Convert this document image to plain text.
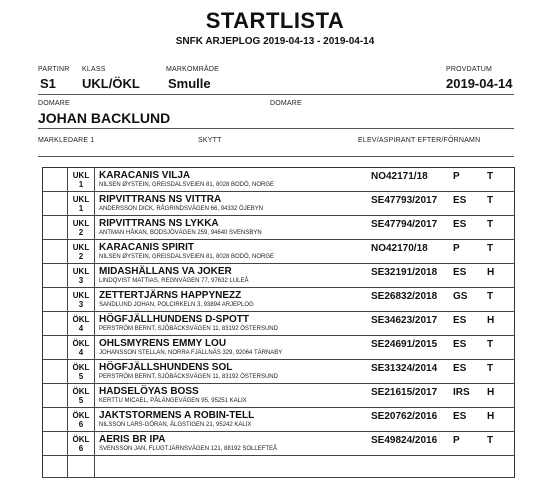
STARTLISTA
SNFK ARJEPLOG 2019-04-13 - 2019-04-14
PARTINR KLASS	MARKOMRÅDE	PROVDATUM
S1 UKL/ÖKL Smulle	2019-04-14
DOMARE	DOMARE
JOHAN BACKLUND
MARKLEDARE 1	SKYTT	ELEV/ASPIRANT EFTER/FÖRNAMN
UKL
1
KARACANIS VILJA
NILSEN ØYSTEIN, GREISDALSVEIEN 81, 8028 BODÖ, NORGE
NO42171/18	P	T
UKL
1
RIPVITTRANS NS VITTRA
ANDERSSON DICK, RÅGRINDSVÄGEN 66, 94332 ÖJEBYN
SE47793/2017 ES T
UKL
2
RIPVITTRANS NS LYKKA
ANTMAN HÅKAN, BODSJÖVÄGEN 259, 94640 SVENSBYN
SE47794/2017 ES T
UKL
2
KARACANIS SPIRIT
NILSEN ØYSTEIN, GREISDALSVEIEN 81, 8028 BODÖ, NORGE
NO42170/18	P	T
UKL
3
MIDASHÄLLANS VA JOKER
LINDQVIST MATTIAS, REGNVÄGEN 77, 97632 LULEÅ
SE32191/2018 ES H
UKL
3
ZETTERTJÄRNS HAPPYNEZZ
SANDLUND JOHAN, POLCIRKELN 3, 93894 ARJEPLOG
SE26832/2018 GS T
ÖKL
4
HÖGFJÄLLHUNDENS D-SPOTT
PERSTRÖM BERNT, SJÖBÄCKSVÄGEN 11, 83192 ÖSTERSUND
SE34623/2017 ES H
ÖKL
4
OHLSMYRENS EMMY LOU
JOHANSSON STELLAN, NORRA FJÄLLNÄS 329, 92064 TÄRNABY
SE24691/2015 ES T
ÖKL
5
HÖGFJÄLLSHUNDENS SOL
PERSTRÖM BERNT, SJÖBÄCKSVÄGEN 11, 83192 ÖSTERSUND
SE31324/2014 ES T
ÖKL
5
HADSELÖYAS BOSS
KERTTU MICAEL, PÅLÄNGEVÄGEN 95, 95251 KALIX
SE21615/2017 IRS H
ÖKL
6
JAKTSTORMENS A ROBIN-TELL
NILSSON LARS-GÖRAN, ÄLGSTIGEN 21, 95242 KALIX
SE20762/2016 ES H
ÖKL
6
AERIS BR IPA
SVENSSON JAN, FLUGTJÄRNSVÄGEN 121, 88192 SOLLEFTEÅ
SE49824/2016 P	T
